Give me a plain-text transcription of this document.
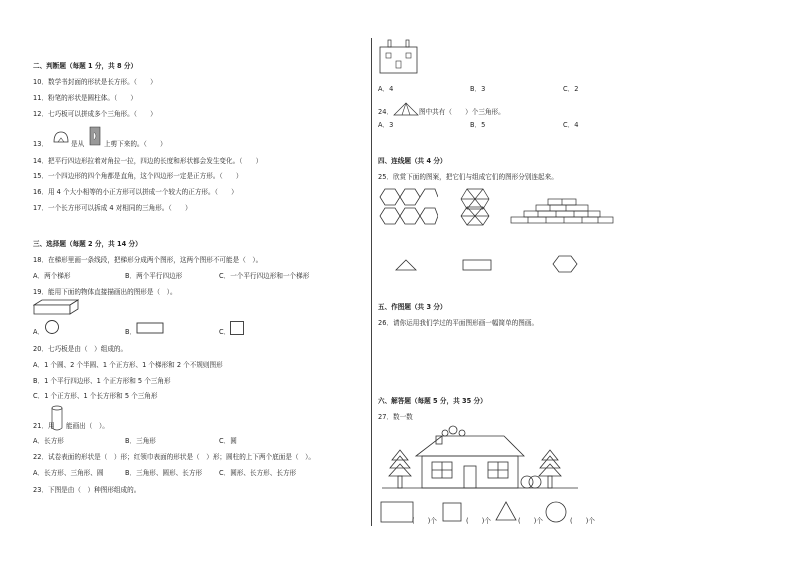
二、判断题（每题 1 分，共 8 分）
10．数学书封面的形状是长方形。（　　）
11．粉笔的形状是圆柱体。（　　）
12．七巧板可以拼成多个三角形。（　　）
13．	是从	上剪下来的。（　　）
14．把平行四边形拉着对角拉一拉，四边的长度和形状都会发生变化。（　　）
15．一个四边形的四个角都是直角，这个四边形一定是正方形。（　　）
16．用 4 个大小相等的小正方形可以拼成一个较大的正方形。（　　）
17．一个长方形可以拆成 4 对相同的三角形。（　　）
三、选择题（每题 2 分，共 14 分）
18．在梯形里画一条线段，把梯形分成两个图形，这两个图形不可能是（　）。
A．两个梯形	B．两个平行四边形	C．一个平行四边形和一个梯形
19．能用下面的物体直接描画出的图形是（　）。
A．	B．	C．
20．七巧板是由（　）组成的。
A．1 个圆、2 个半圆、1 个正方形、1 个梯形和 2 个不规则图形
B．1 个平行四边形、1 个正方形和 5 个三角形
C．1 个正方形、1 个长方形和 5 个三角形
21．用 能画出（　）。
A．长方形	B．三角形	C．圆
22．试卷表面的形状是（　）形；红领巾表面的形状是（　）形；圆柱的上下两个底面是（　）。
A．长方形、三角形、圆	B．三角形、圆形、长方形	C．圆形、长方形、长方形
23．下图是由（　）种图形组成的。
A．4	B．3	C．2
24．	图中共有（　　）个三角形。
A．3	B．5	C．4
四、连线题（共 4 分）
25．欣赏下面的图案，把它们与组成它们的图形分别连起来。
五、作图题（共 3 分）
26．请你运用我们学过的平面图形画一幅简单的图画。
六、解答题（每题 5 分，共 35 分）
27．数一数
(　　)个	(　　)个	(　　)个	(　　)个
